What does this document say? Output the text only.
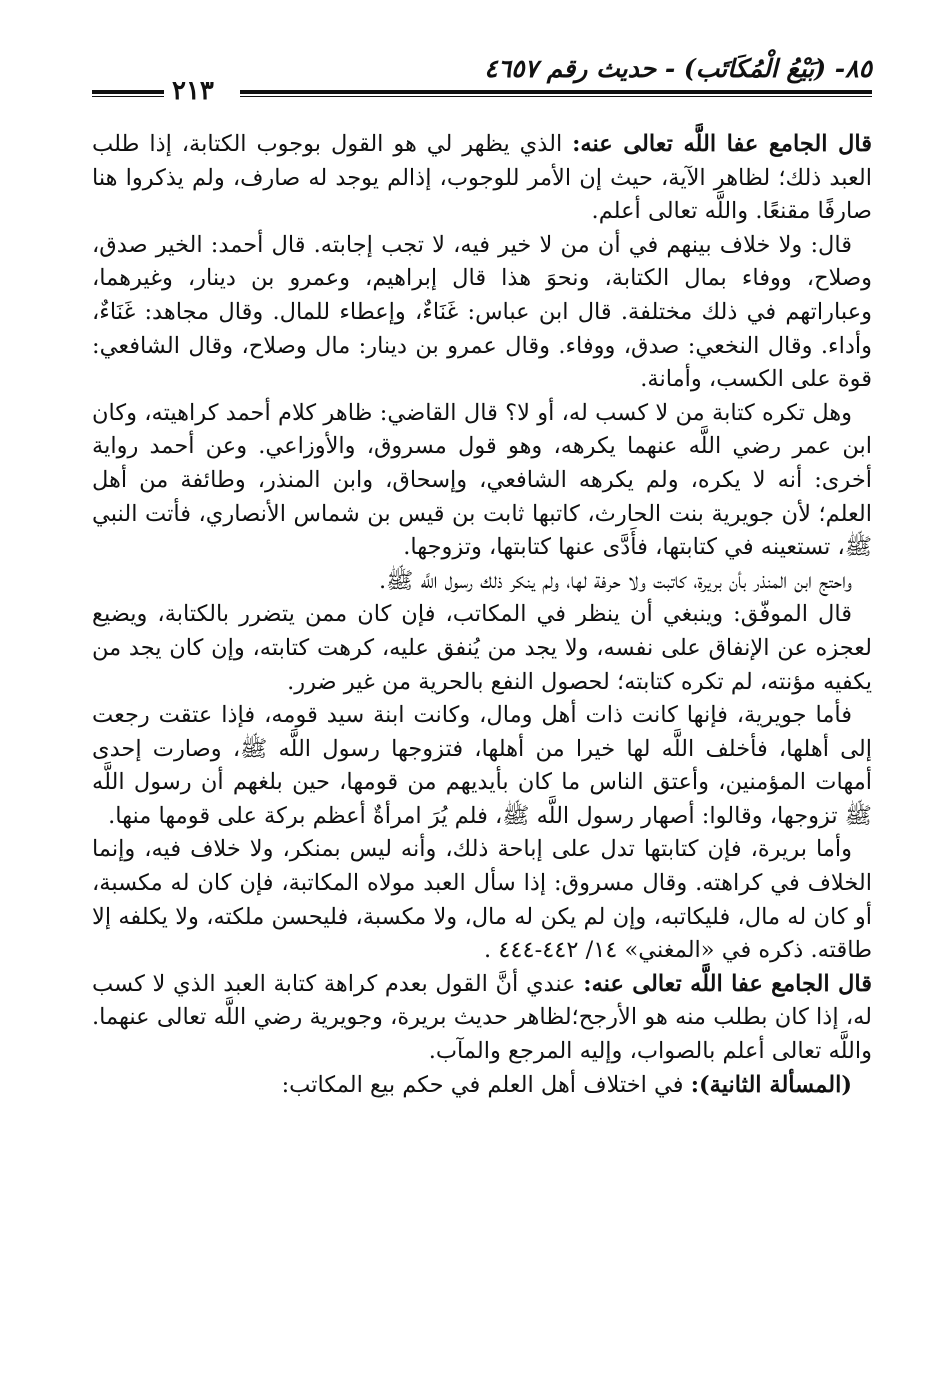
٨٥- (بَيْعُ الْمُكَاتَب) - حديث رقم ٤٦٥٧
٢١٣

قال الجامع عفا اللَّه تعالى عنه: الذي يظهر لي هو القول بوجوب الكتابة، إذا طلب العبد ذلك؛ لظاهر الآية، حيث إن الأمر للوجوب، إذالم يوجد له صارف، ولم يذكروا هنا صارفًا مقنعًا. واللَّه تعالى أعلم.

قال: ولا خلاف بينهم في أن من لا خير فيه، لا تجب إجابته. قال أحمد: الخير صدق، وصلاح، ووفاء بمال الكتابة، ونحوَ هذا قال إبراهيم، وعمرو بن دينار، وغيرهما، وعباراتهم في ذلك مختلفة. قال ابن عباس: غَنَاءٌ، وإعطاء للمال. وقال مجاهد: غَنَاءٌ، وأداء. وقال النخعي: صدق، ووفاء. وقال عمرو بن دينار: مال وصلاح، وقال الشافعي: قوة على الكسب، وأمانة.

وهل تكره كتابة من لا كسب له، أو لا؟ قال القاضي: ظاهر كلام أحمد كراهيته، وكان ابن عمر رضي اللَّه عنهما يكرهه، وهو قول مسروق، والأوزاعي. وعن أحمد رواية أخرى: أنه لا يكره، ولم يكرهه الشافعي، وإسحاق، وابن المنذر، وطائفة من أهل العلم؛ لأن جويرية بنت الحارث، كاتبها ثابت بن قيس بن شماس الأنصاري، فأتت النبي ﷺ، تستعينه في كتابتها، فأَدَّى عنها كتابتها، وتزوجها.

واحتج ابن المنذر بأن بريرة، كاتبت ولا حرفة لها، ولم ينكر ذلك رسول اللَّه ﷺ.

قال الموفّق: وينبغي أن ينظر في المكاتب، فإن كان ممن يتضرر بالكتابة، ويضيع لعجزه عن الإنفاق على نفسه، ولا يجد من يُنفق عليه، كرهت كتابته، وإن كان يجد من يكفيه مؤنته، لم تكره كتابته؛ لحصول النفع بالحرية من غير ضرر.

فأما جويرية، فإنها كانت ذات أهل ومال، وكانت ابنة سيد قومه، فإذا عتقت رجعت إلى أهلها، فأخلف اللَّه لها خيرا من أهلها، فتزوجها رسول اللَّه ﷺ، وصارت إحدى أمهات المؤمنين، وأعتق الناس ما كان بأيديهم من قومها، حين بلغهم أن رسول اللَّه ﷺ تزوجها، وقالوا: أصهار رسول اللَّه ﷺ، فلم يُرَ امرأةٌ أعظم بركة على قومها منها.

وأما بريرة، فإن كتابتها تدل على إباحة ذلك، وأنه ليس بمنكر، ولا خلاف فيه، وإنما الخلاف في كراهته. وقال مسروق: إذا سأل العبد مولاه المكاتبة، فإن كان له مكسبة، أو كان له مال، فليكاتبه، وإن لم يكن له مال، ولا مكسبة، فليحسن ملكته، ولا يكلفه إلا طاقته. ذكره في «المغني» ١٤/ ٤٤٢-٤٤٤ .

قال الجامع عفا اللَّه تعالى عنه: عندي أنَّ القول بعدم كراهة كتابة العبد الذي لا كسب له، إذا كان بطلب منه هو الأرجح؛لظاهر حديث بريرة، وجويرية رضي اللَّه تعالى عنهما. واللَّه تعالى أعلم بالصواب، وإليه المرجع والمآب.

(المسألة الثانية): في اختلاف أهل العلم في حكم بيع المكاتب:
